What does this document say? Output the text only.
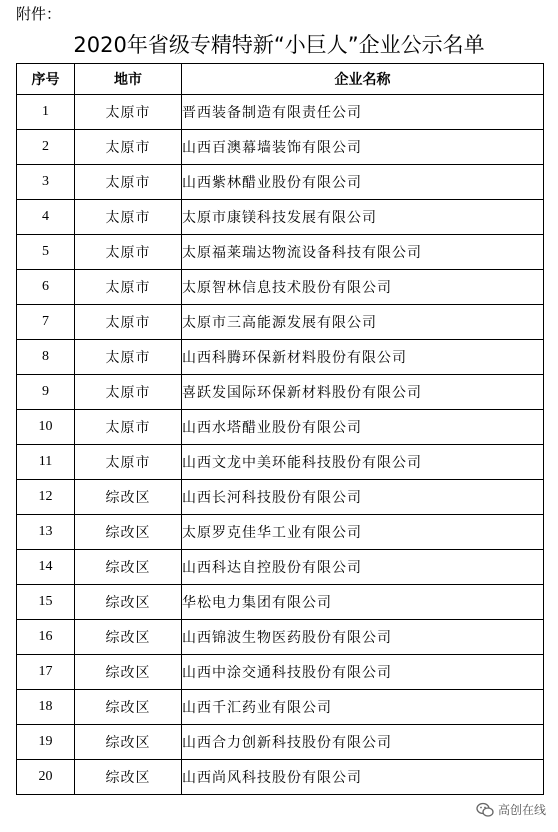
附件：
2020年省级专精特新“小巨人”企业公示名单
序号	地市	企业名称
1	太原市	晋西装备制造有限责任公司
2	太原市	山西百澳幕墙装饰有限公司
3	太原市	山西紫林醋业股份有限公司
4	太原市	太原市康镁科技发展有限公司
5	太原市	太原福莱瑞达物流设备科技有限公司
6	太原市	太原智林信息技术股份有限公司
7	太原市	太原市三高能源发展有限公司
8	太原市	山西科腾环保新材料股份有限公司
9	太原市	喜跃发国际环保新材料股份有限公司
10	太原市	山西水塔醋业股份有限公司
11	太原市	山西文龙中美环能科技股份有限公司
12	综改区	山西长河科技股份有限公司
13	综改区	太原罗克佳华工业有限公司
14	综改区	山西科达自控股份有限公司
15	综改区	华松电力集团有限公司
16	综改区	山西锦波生物医药股份有限公司
17	综改区	山西中涂交通科技股份有限公司
18	综改区	山西千汇药业有限公司
19	综改区	山西合力创新科技股份有限公司
20	综改区	山西尚风科技股份有限公司
高创在线
